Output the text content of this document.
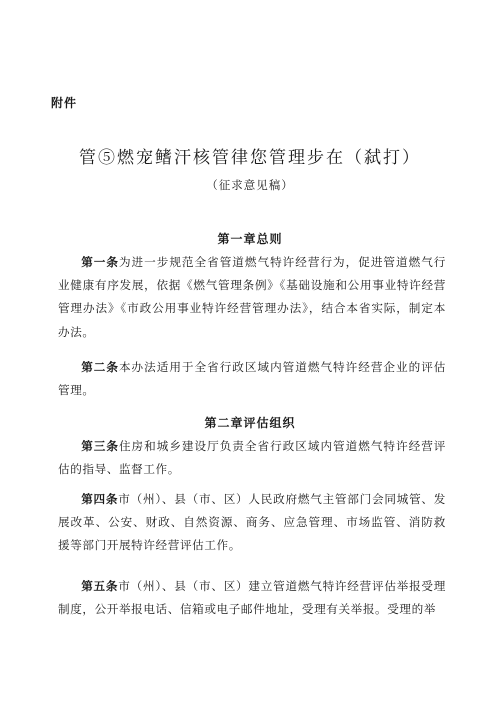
附件
管⑤燃宠鳍汗核管律您管理步在（弑打）
（征求意见稿）
第一章总则
第一条为进一步规范全省管道燃气特许经营行为，促进管道燃气行业健康有序发展，依据《燃气管理条例》《基础设施和公用事业特许经营管理办法》《市政公用事业特许经营管理办法》，结合本省实际，制定本办法。
第二条本办法适用于全省行政区域内管道燃气特许经营企业的评估管理。
第二章评估组织
第三条住房和城乡建设厅负责全省行政区域内管道燃气特许经营评估的指导、监督工作。
第四条市（州）、县（市、区）人民政府燃气主管部门会同城管、发展改革、公安、财政、自然资源、商务、应急管理、市场监管、消防救援等部门开展特许经营评估工作。
第五条市（州）、县（市、区）建立管道燃气特许经营评估举报受理制度，公开举报电话、信箱或电子邮件地址，受理有关举报。受理的举
